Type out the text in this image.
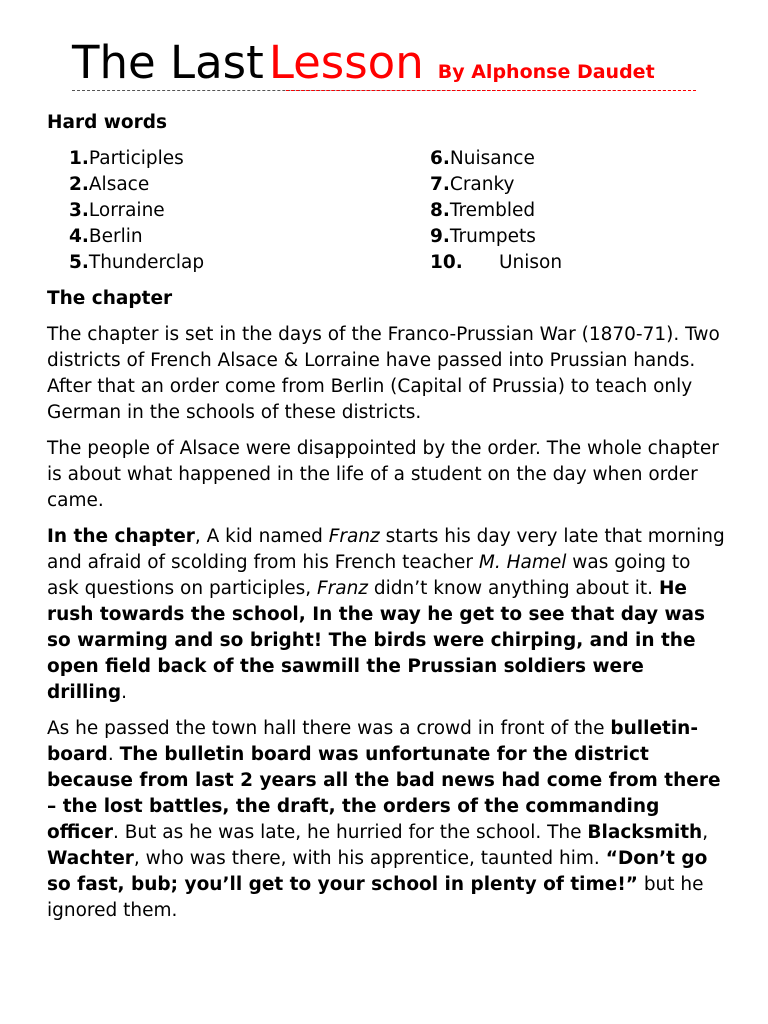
The Last Lesson By Alphonse Daudet
Hard words
1.Participles
2.Alsace
3.Lorraine
4.Berlin
5.Thunderclap
6.Nuisance
7.Cranky
8.Trembled
9.Trumpets
10. Unison
The chapter

The chapter is set in the days of the Franco-Prussian War (1870-71). Two districts of French Alsace & Lorraine have passed into Prussian hands. After that an order come from Berlin (Capital of Prussia) to teach only German in the schools of these districts.

The people of Alsace were disappointed by the order. The whole chapter is about what happened in the life of a student on the day when order came.

In the chapter, A kid named Franz starts his day very late that morning and afraid of scolding from his French teacher M. Hamel was going to ask questions on participles, Franz didn’t know anything about it. He rush towards the school, In the way he get to see that day was so warming and so bright! The birds were chirping, and in the open field back of the sawmill the Prussian soldiers were drilling.

As he passed the town hall there was a crowd in front of the bulletin-board. The bulletin board was unfortunate for the district because from last 2 years all the bad news had come from there – the lost battles, the draft, the orders of the commanding officer. But as he was late, he hurried for the school. The Blacksmith, Wachter, who was there, with his apprentice, taunted him. “Don’t go so fast, bub; you’ll get to your school in plenty of time!” but he ignored them.
